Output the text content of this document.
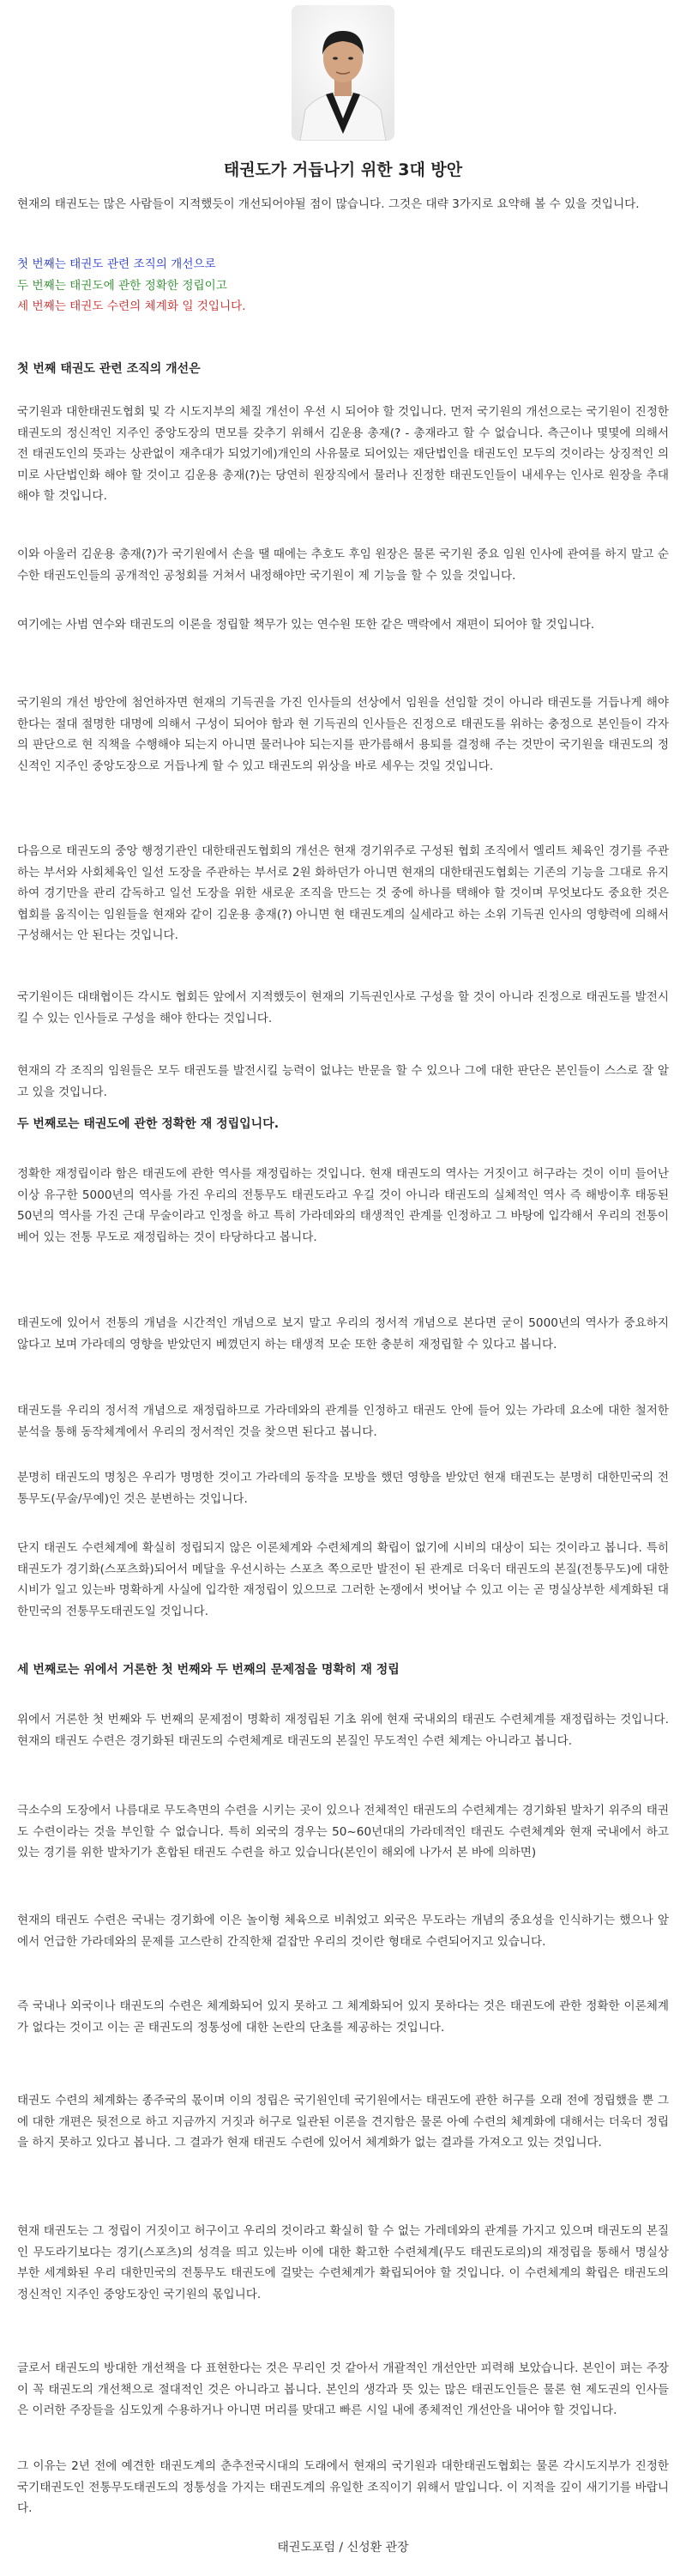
태권도가 거듭나기 위한 3대 방안

현재의 태권도는 많은 사람들이 지적했듯이 개선되어야될 점이 많습니다. 그것은 대략 3가지로 요약해 볼 수 있을 것입니다.

첫 번째는 태권도 관련 조직의 개선으로
두 번째는 태권도에 관한 정확한 정립이고
세 번째는 태권도 수련의 체계화 일 것입니다.

첫 번째 태권도 관련 조직의 개선은

국기원과 대한태권도협회 및 각 시도지부의 체질 개선이 우선 시 되어야 할 것입니다. 먼저 국기원의 개선으로는 국기원이 진정한 태권도의 정신적인 지주인 중앙도장의 면모를 갖추기 위해서 김운용 총재(? - 총재라고 할 수 없습니다. 측근이나 몇몇에 의해서 전 태권도인의 뜻과는 상관없이 재추대가 되었기에)개인의 사유물로 되어있는 재단법인을 태권도인 모두의 것이라는 상징적인 의미로 사단법인화 해야 할 것이고 김운용 총재(?)는 당연히 원장직에서 물러나 진정한 태권도인들이 내세우는 인사로 원장을 추대해야 할 것입니다.

이와 아울러 김운용 총재(?)가 국기원에서 손을 땔 때에는 추호도 후임 원장은 물론 국기원 중요 임원 인사에 관여를 하지 말고 순수한 태권도인들의 공개적인 공청회를 거쳐서 내정해야만 국기원이 제 기능을 할 수 있을 것입니다.

여기에는 사범 연수와 태권도의 이론을 정립할 책무가 있는 연수원 또한 같은 맥락에서 재편이 되어야 할 것입니다.

국기원의 개선 방안에 첨언하자면 현재의 기득권을 가진 인사들의 선상에서 임원을 선임할 것이 아니라 태권도를 거듭나게 해야 한다는 절대 절명한 대명에 의해서 구성이 되어야 함과 현 기득권의 인사들은 진정으로 태권도를 위하는 충정으로 본인들이 각자의 판단으로 현 직책을 수행해야 되는지 아니면 물러나야 되는지를 판가름해서 용퇴를 결정해 주는 것만이 국기원을 태권도의 정신적인 지주인 중앙도장으로 거듭나게 할 수 있고 태권도의 위상을 바로 세우는 것일 것입니다.

다음으로 태권도의 중앙 행정기관인 대한태권도협회의 개선은 현재 경기위주로 구성된 협회 조직에서 엘리트 체육인 경기를 주관하는 부서와 사회체육인 일선 도장을 주관하는 부서로 2원 화하던가 아니면 현재의 대한태권도협회는 기존의 기능을 그대로 유지하여 경기만을 관리 감독하고 일선 도장을 위한 새로운 조직을 만드는 것 중에 하나를 택해야 할 것이며 무엇보다도 중요한 것은 협회를 움직이는 임원들을 현재와 같이 김운용 총재(?) 아니면 현 태권도계의 실세라고 하는 소위 기득권 인사의 영향력에 의해서 구성해서는 안 된다는 것입니다.

국기원이든 대태협이든 각시도 협회든 앞에서 지적했듯이 현재의 기득권인사로 구성을 할 것이 아니라 진정으로 태권도를 발전시킬 수 있는 인사들로 구성을 해야 한다는 것입니다.

현재의 각 조직의 임원들은 모두 태권도를 발전시킬 능력이 없냐는 반문을 할 수 있으나 그에 대한 판단은 본인들이 스스로 잘 알고 있을 것입니다.

두 번째로는 태권도에 관한 정확한 재 정립입니다.

정확한 재정립이라 함은 태권도에 관한 역사를 재정립하는 것입니다. 현재 태권도의 역사는 거짓이고 허구라는 것이 이미 들어난 이상 유구한 5000년의 역사를 가진 우리의 전통무도 태권도라고 우길 것이 아니라 태권도의 실체적인 역사 즉 해방이후 태동된 50년의 역사를 가진 근대 무술이라고 인정을 하고 특히 가라데와의 태생적인 관계를 인정하고 그 바탕에 입각해서 우리의 전통이 베어 있는 전통 무도로 재정립하는 것이 타당하다고 봅니다.

태권도에 있어서 전통의 개념을 시간적인 개념으로 보지 말고 우리의 정서적 개념으로 본다면 굳이 5000년의 역사가 중요하지 않다고 보며 가라데의 영향을 받았던지 베꼈던지 하는 태생적 모순 또한 충분히 재정립할 수 있다고 봅니다.

태권도를 우리의 정서적 개념으로 재정립하므로 가라데와의 관계를 인정하고 태권도 안에 들어 있는 가라데 요소에 대한 철저한 분석을 통해 동작체계에서 우리의 정서적인 것을 찾으면 된다고 봅니다.

분명히 태권도의 명칭은 우리가 명명한 것이고 가라데의 동작을 모방을 했던 영향을 받았던 현재 태권도는 분명히 대한민국의 전통무도(무술/무예)인 것은 분변하는 것입니다.

단지 태권도 수련체계에 확실히 정립되지 않은 이론체계와 수련체계의 확립이 없기에 시비의 대상이 되는 것이라고 봅니다. 특히 태권도가 경기화(스포츠화)되어서 메달을 우선시하는 스포츠 쪽으로만 발전이 된 관계로 더욱더 태권도의 본질(전통무도)에 대한 시비가 일고 있는바 명확하게 사실에 입각한 재정립이 있으므로 그러한 논쟁에서 벗어날 수 있고 이는 곧 명실상부한 세계화된 대한민국의 전통무도태권도일 것입니다.

세 번째로는 위에서 거론한 첫 번째와 두 번째의 문제점을 명확히 재 정립

위에서 거론한 첫 번째와 두 번째의 문제점이 명확히 재정립된 기초 위에 현재 국내외의 태권도 수련체계를 재정립하는 것입니다. 현재의 태권도 수련은 경기화된 태권도의 수련체계로 태권도의 본질인 무도적인 수련 체계는 아니라고 봅니다.

극소수의 도장에서 나름대로 무도측면의 수련을 시키는 곳이 있으나 전체적인 태권도의 수련체계는 경기화된 발차기 위주의 태권도 수련이라는 것을 부인할 수 없습니다. 특히 외국의 경우는 50~60년대의 가라데적인 태권도 수련체계와 현재 국내에서 하고 있는 경기를 위한 발차기가 혼합된 태권도 수련을 하고 있습니다(본인이 해외에 나가서 본 바에 의하면)

현재의 태권도 수련은 국내는 경기화에 이은 놀이형 체육으로 비춰었고 외국은 무도라는 개념의 중요성을 인식하기는 했으나 앞에서 언급한 가라데와의 문제를 고스란히 간직한채 겉잡만 우리의 것이란 형태로 수련되어지고 있습니다.

즉 국내나 외국이나 태권도의 수련은 체계화되어 있지 못하고 그 체계화되어 있지 못하다는 것은 태권도에 관한 정확한 이론체계가 없다는 것이고 이는 곧 태권도의 정통성에 대한 논란의 단초를 제공하는 것입니다.

태권도 수련의 체계화는 종주국의 몫이며 이의 정립은 국기원인데 국기원에서는 태권도에 관한 허구를 오래 전에 정립했을 뿐 그에 대한 개편은 뒷전으로 하고 지금까지 거짓과 허구로 일관된 이론을 견지함은 물론 아예 수련의 체계화에 대해서는 더욱더 정립을 하지 못하고 있다고 봅니다. 그 결과가 현재 태권도 수련에 있어서 체계화가 없는 결과를 가져오고 있는 것입니다.

현재 태권도는 그 정립이 거짓이고 허구이고 우리의 것이라고 확실히 할 수 없는 가레데와의 관계를 가지고 있으며 태권도의 본질인 무도라기보다는 경기(스포츠)의 성격을 띄고 있는바 이에 대한 확고한 수련체계(무도 태권도로의)의 재정립을 통해서 명실상부한 세계화된 우리 대한민국의 전통무도 태권도에 걸맞는 수련체계가 확립되어야 할 것입니다. 이 수련체계의 확립은 태권도의 정신적인 지주인 중앙도장인 국기원의 몫입니다.

글로서 태권도의 방대한 개선책을 다 표현한다는 것은 무리인 것 같아서 개괄적인 개선안만 피력해 보았습니다. 본인이 펴는 주장이 꼭 태권도의 개선책으로 절대적인 것은 아니라고 봅니다. 본인의 생각과 뜻 있는 많은 태권도인들은 물론 현 제도권의 인사들은 이러한 주장들을 심도있게 수용하거나 아니면 머리를 맞대고 빠른 시일 내에 종체적인 개선안을 내어야 할 것입니다.

그 이유는 2년 전에 예견한 태권도계의 춘추전국시대의 도래에서 현재의 국기원과 대한태권도협회는 물론 각시도지부가 진정한 국기태권도인 전통무도태권도의 정통성을 가지는 태권도계의 유일한 조직이기 위해서 말입니다. 이 지적을 깊이 새기기를 바랍니다.

태권도포럼 / 신성환 관장
